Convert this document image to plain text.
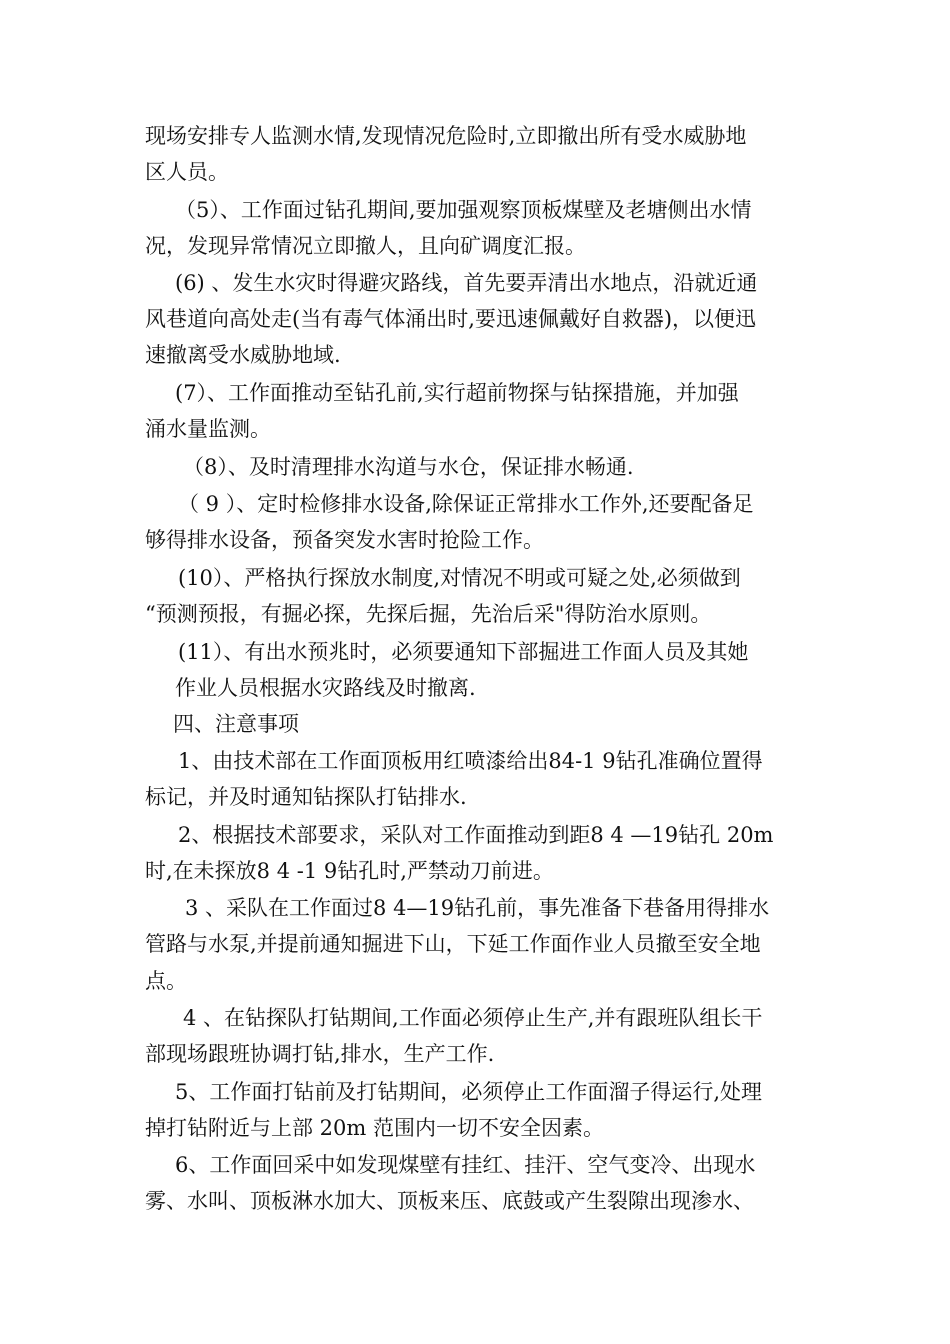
现场安排专人监测水情,发现情况危险时,立即撤出所有受水威胁地
区人员。
（5）、工作面过钻孔期间,要加强观察顶板煤壁及老塘侧出水情
况，发现异常情况立即撤人，且向矿调度汇报。
(6) 、发生水灾时得避灾路线，首先要弄清出水地点，沿就近通
风巷道向高处走(当有毒气体涌出时,要迅速佩戴好自救器)，以便迅
速撤离受水威胁地域.
(7）、工作面推动至钻孔前,实行超前物探与钻探措施，并加强
涌水量监测。
（8）、及时清理排水沟道与水仓，保证排水畅通.
（ 9 ）、定时检修排水设备,除保证正常排水工作外,还要配备足
够得排水设备，预备突发水害时抢险工作。
(10）、严格执行探放水制度,对情况不明或可疑之处,必须做到
“预测预报，有掘必探，先探后掘，先治后采"得防治水原则。
(11）、有出水预兆时，必须要通知下部掘进工作面人员及其她
作业人员根据水灾路线及时撤离.
四、注意事项
1、由技术部在工作面顶板用红喷漆给出84-1 9钻孔准确位置得
标记，并及时通知钻探队打钻排水.
2、根据技术部要求，采队对工作面推动到距8 4 —19钻孔 20m
时,在未探放8 4 -1 9钻孔时,严禁动刀前进。
3 、采队在工作面过8 4—19钻孔前，事先准备下巷备用得排水
管路与水泵,并提前通知掘进下山，下延工作面作业人员撤至安全地
点。
4 、在钻探队打钻期间,工作面必须停止生产,并有跟班队组长干
部现场跟班协调打钻,排水，生产工作.
5、工作面打钻前及打钻期间，必须停止工作面溜子得运行,处理
掉打钻附近与上部 20m 范围内一切不安全因素。
6、工作面回采中如发现煤壁有挂红、挂汗、空气变冷、出现水
雾、水叫、顶板淋水加大、顶板来压、底鼓或产生裂隙出现渗水、
